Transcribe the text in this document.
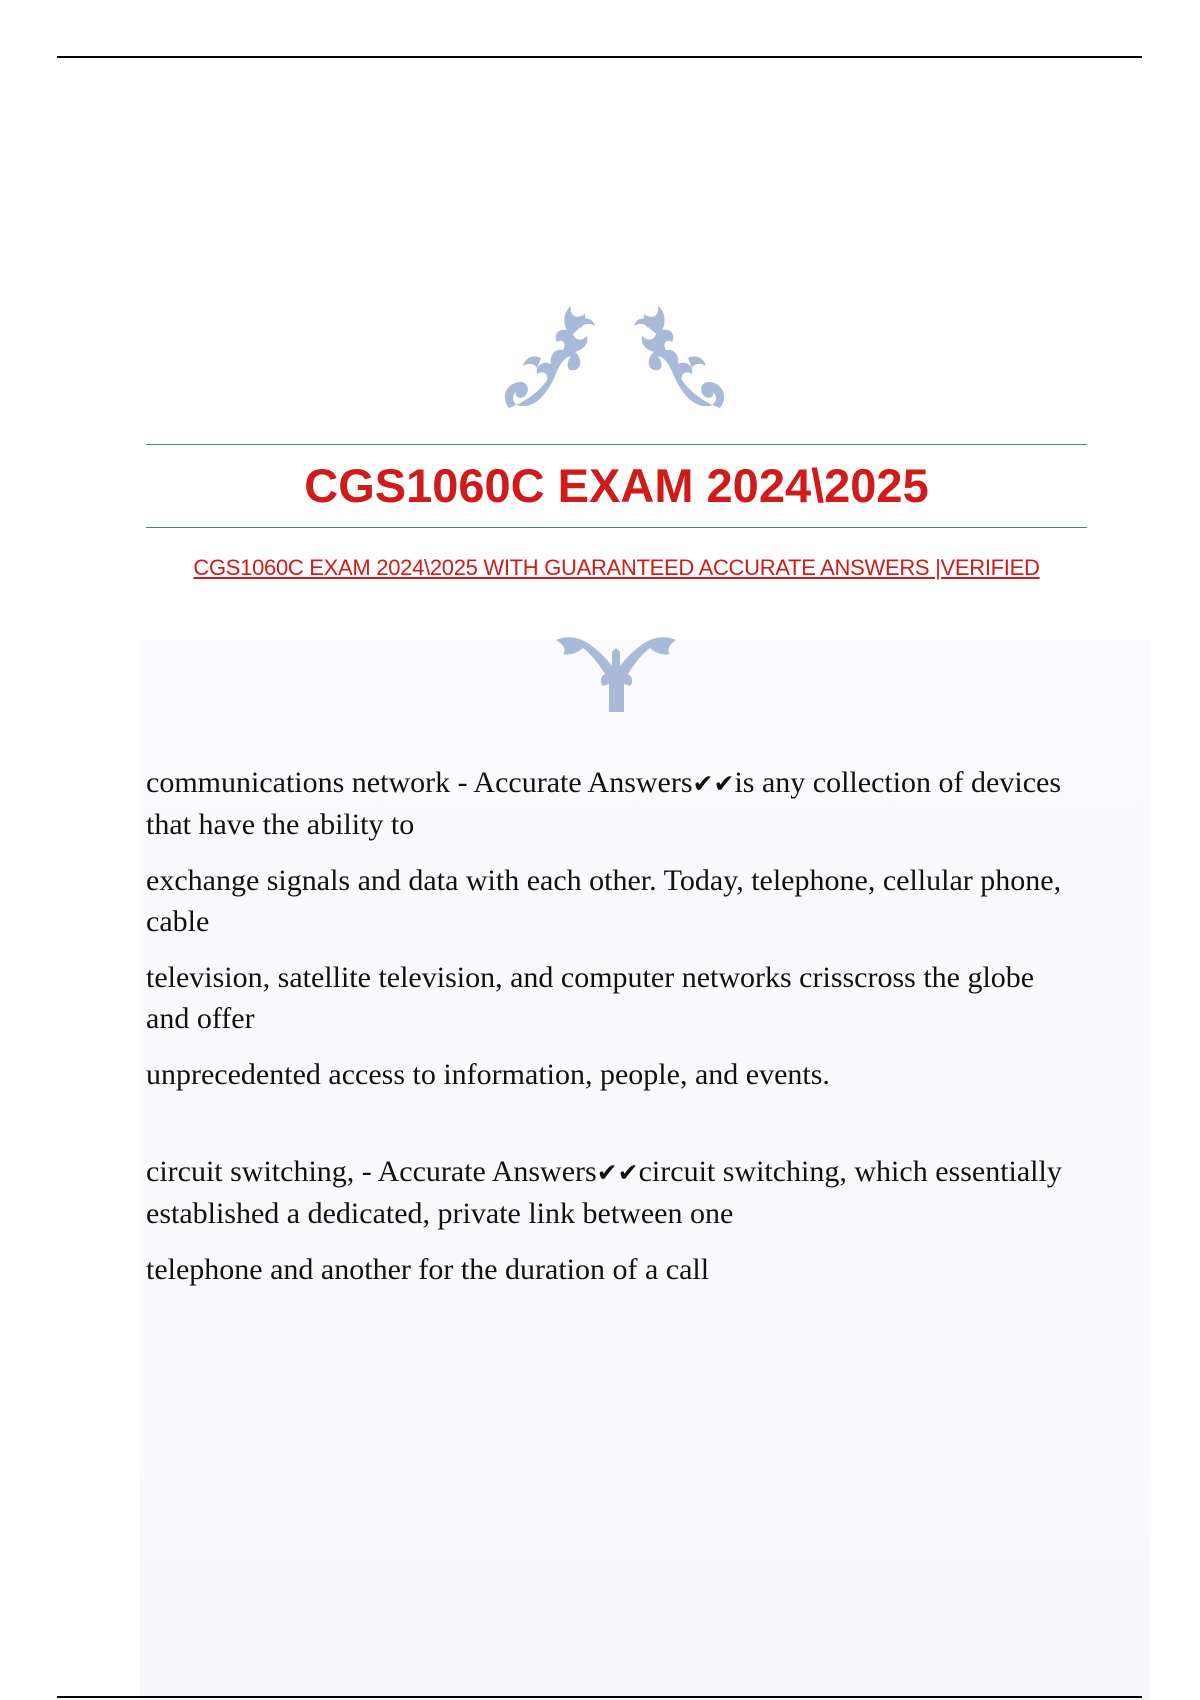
CGS1060C EXAM 2024\2025
CGS1060C EXAM 2024\2025 WITH GUARANTEED ACCURATE ANSWERS |VERIFIED

communications network - Accurate Answers✔✔is any collection of devices that have the ability to

exchange signals and data with each other. Today, telephone, cellular phone, cable

television, satellite television, and computer networks crisscross the globe and offer

unprecedented access to information, people, and events.

circuit switching, - Accurate Answers✔✔circuit switching, which essentially established a dedicated, private link between one

telephone and another for the duration of a call
